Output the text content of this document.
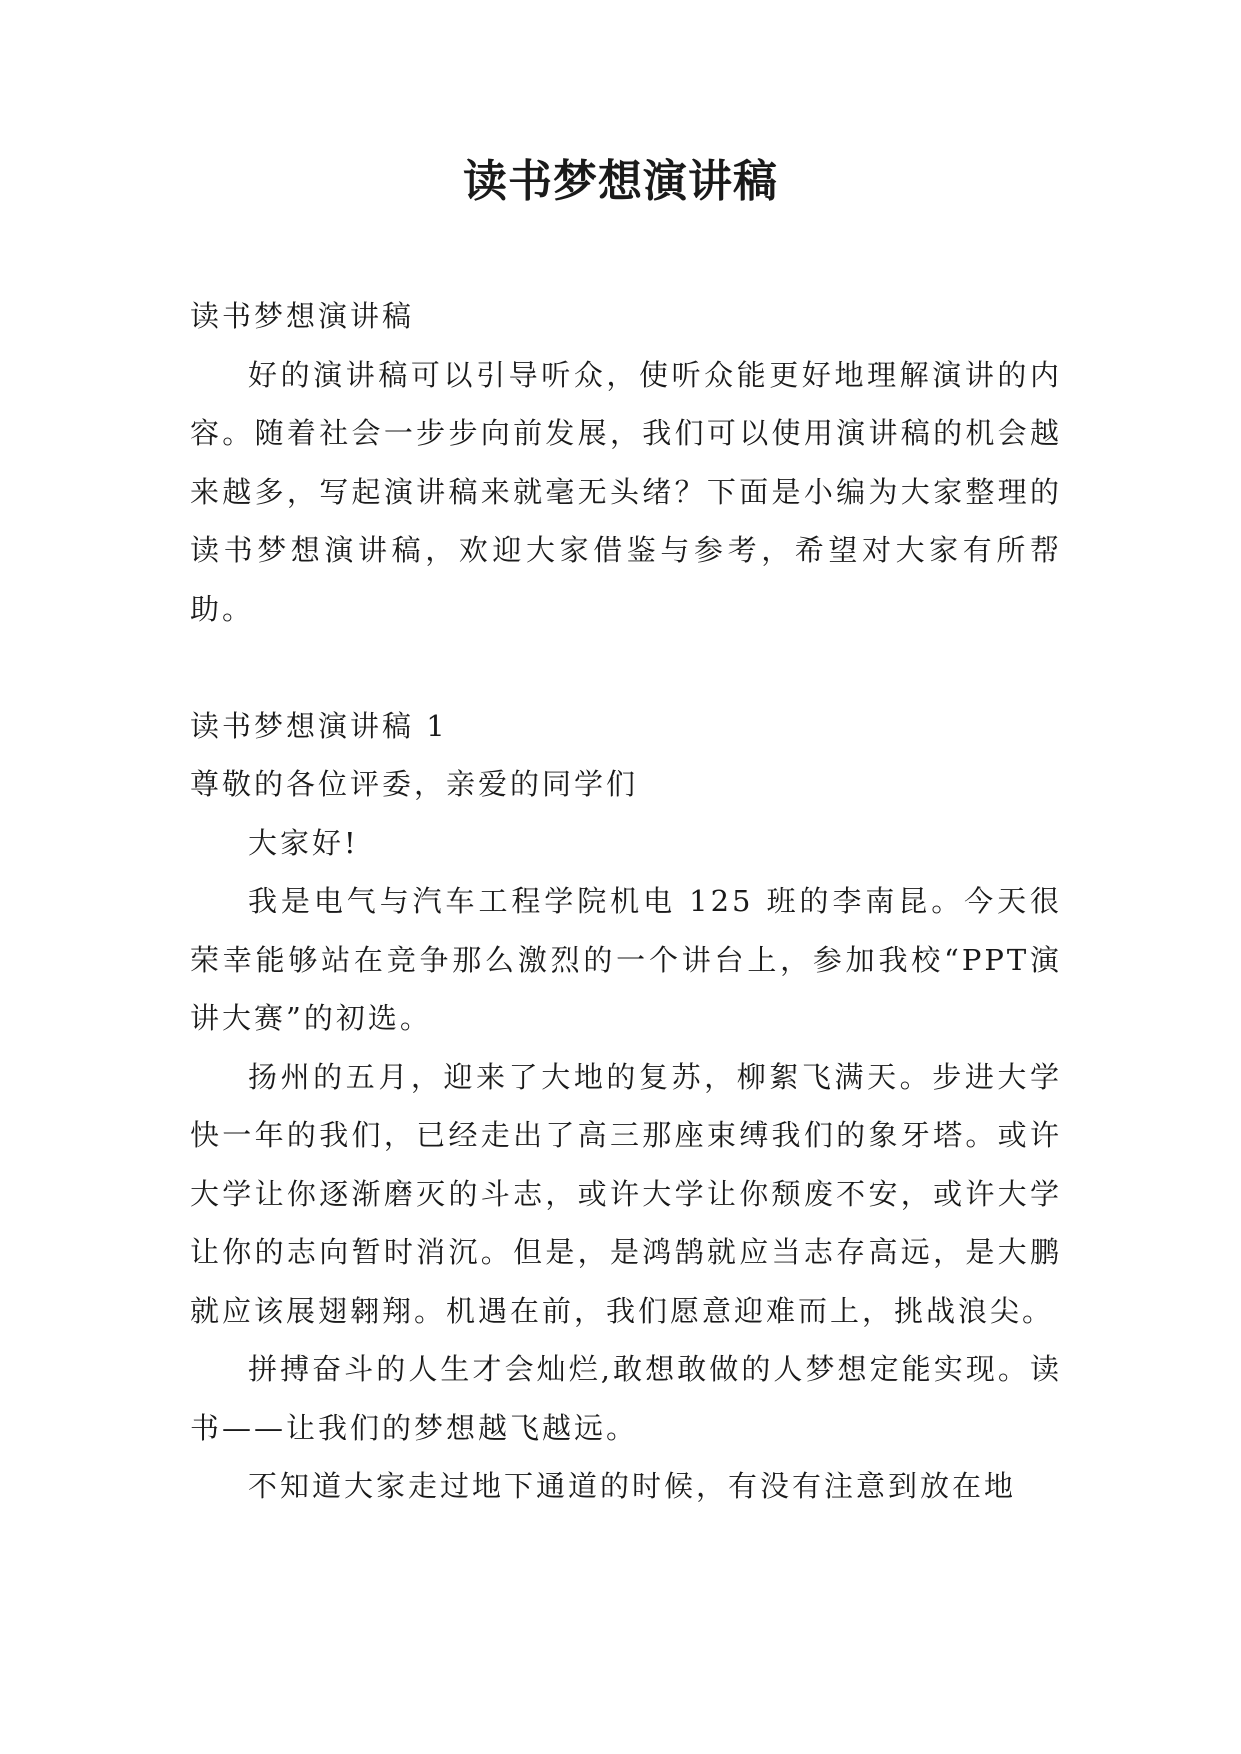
读书梦想演讲稿

读书梦想演讲稿

好的演讲稿可以引导听众，使听众能更好地理解演讲的内容。随着社会一步步向前发展，我们可以使用演讲稿的机会越来越多，写起演讲稿来就毫无头绪？下面是小编为大家整理的读书梦想演讲稿，欢迎大家借鉴与参考，希望对大家有所帮助。

读书梦想演讲稿 1

尊敬的各位评委，亲爱的同学们

大家好!

我是电气与汽车工程学院机电 125 班的李南昆。今天很荣幸能够站在竞争那么激烈的一个讲台上，参加我校“PPT演讲大赛”的初选。

扬州的五月，迎来了大地的复苏，柳絮飞满天。步进大学快一年的我们，已经走出了高三那座束缚我们的象牙塔。或许大学让你逐渐磨灭的斗志，或许大学让你颓废不安，或许大学让你的志向暂时消沉。但是，是鸿鹄就应当志存高远，是大鹏就应该展翅翱翔。机遇在前，我们愿意迎难而上，挑战浪尖。

拼搏奋斗的人生才会灿烂,敢想敢做的人梦想定能实现。读书——让我们的梦想越飞越远。

不知道大家走过地下通道的时候，有没有注意到放在地
